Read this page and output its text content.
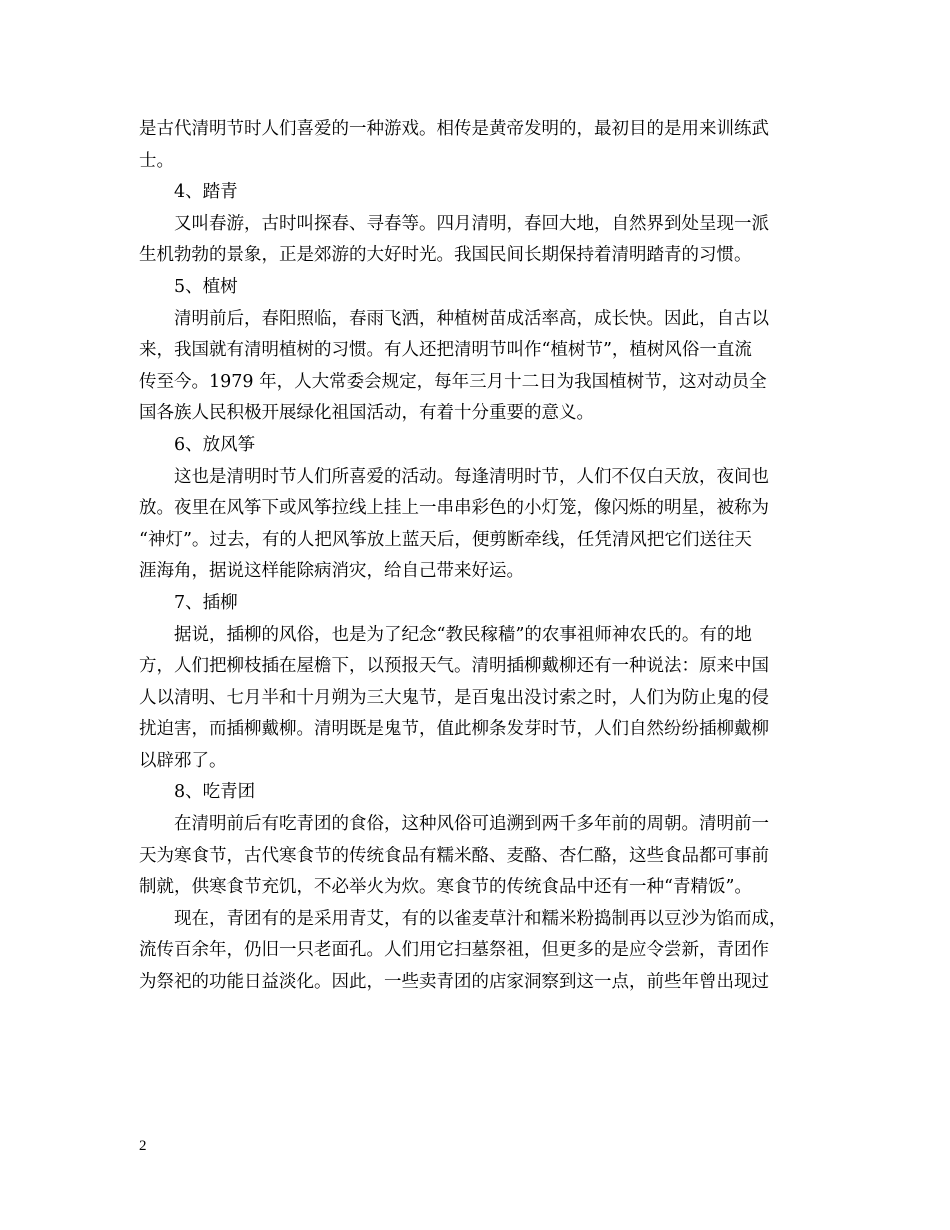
是古代清明节时人们喜爱的一种游戏。相传是黄帝发明的，最初目的是用来训练武
士。
4、踏青
又叫春游，古时叫探春、寻春等。四月清明，春回大地，自然界到处呈现一派
生机勃勃的景象，正是郊游的大好时光。我国民间长期保持着清明踏青的习惯。
5、植树
清明前后，春阳照临，春雨飞洒，种植树苗成活率高，成长快。因此，自古以
来，我国就有清明植树的习惯。有人还把清明节叫作“植树节”，植树风俗一直流
传至今。1979 年，人大常委会规定，每年三月十二日为我国植树节，这对动员全
国各族人民积极开展绿化祖国活动，有着十分重要的意义。
6、放风筝
这也是清明时节人们所喜爱的活动。每逢清明时节，人们不仅白天放，夜间也
放。夜里在风筝下或风筝拉线上挂上一串串彩色的小灯笼，像闪烁的明星，被称为
“神灯”。过去，有的人把风筝放上蓝天后，便剪断牵线，任凭清风把它们送往天
涯海角，据说这样能除病消灾，给自己带来好运。
7、插柳
据说，插柳的风俗，也是为了纪念“教民稼穑”的农事祖师神农氏的。有的地
方，人们把柳枝插在屋檐下，以预报天气。清明插柳戴柳还有一种说法：原来中国
人以清明、七月半和十月朔为三大鬼节，是百鬼出没讨索之时，人们为防止鬼的侵
扰迫害，而插柳戴柳。清明既是鬼节，值此柳条发芽时节，人们自然纷纷插柳戴柳
以辟邪了。
8、吃青团
在清明前后有吃青团的食俗，这种风俗可追溯到两千多年前的周朝。清明前一
天为寒食节，古代寒食节的传统食品有糯米酪、麦酪、杏仁酪，这些食品都可事前
制就，供寒食节充饥，不必举火为炊。寒食节的传统食品中还有一种“青精饭”。
现在，青团有的是采用青艾，有的以雀麦草汁和糯米粉捣制再以豆沙为馅而成，
流传百余年，仍旧一只老面孔。人们用它扫墓祭祖，但更多的是应令尝新，青团作
为祭祀的功能日益淡化。因此，一些卖青团的店家洞察到这一点，前些年曾出现过
2
